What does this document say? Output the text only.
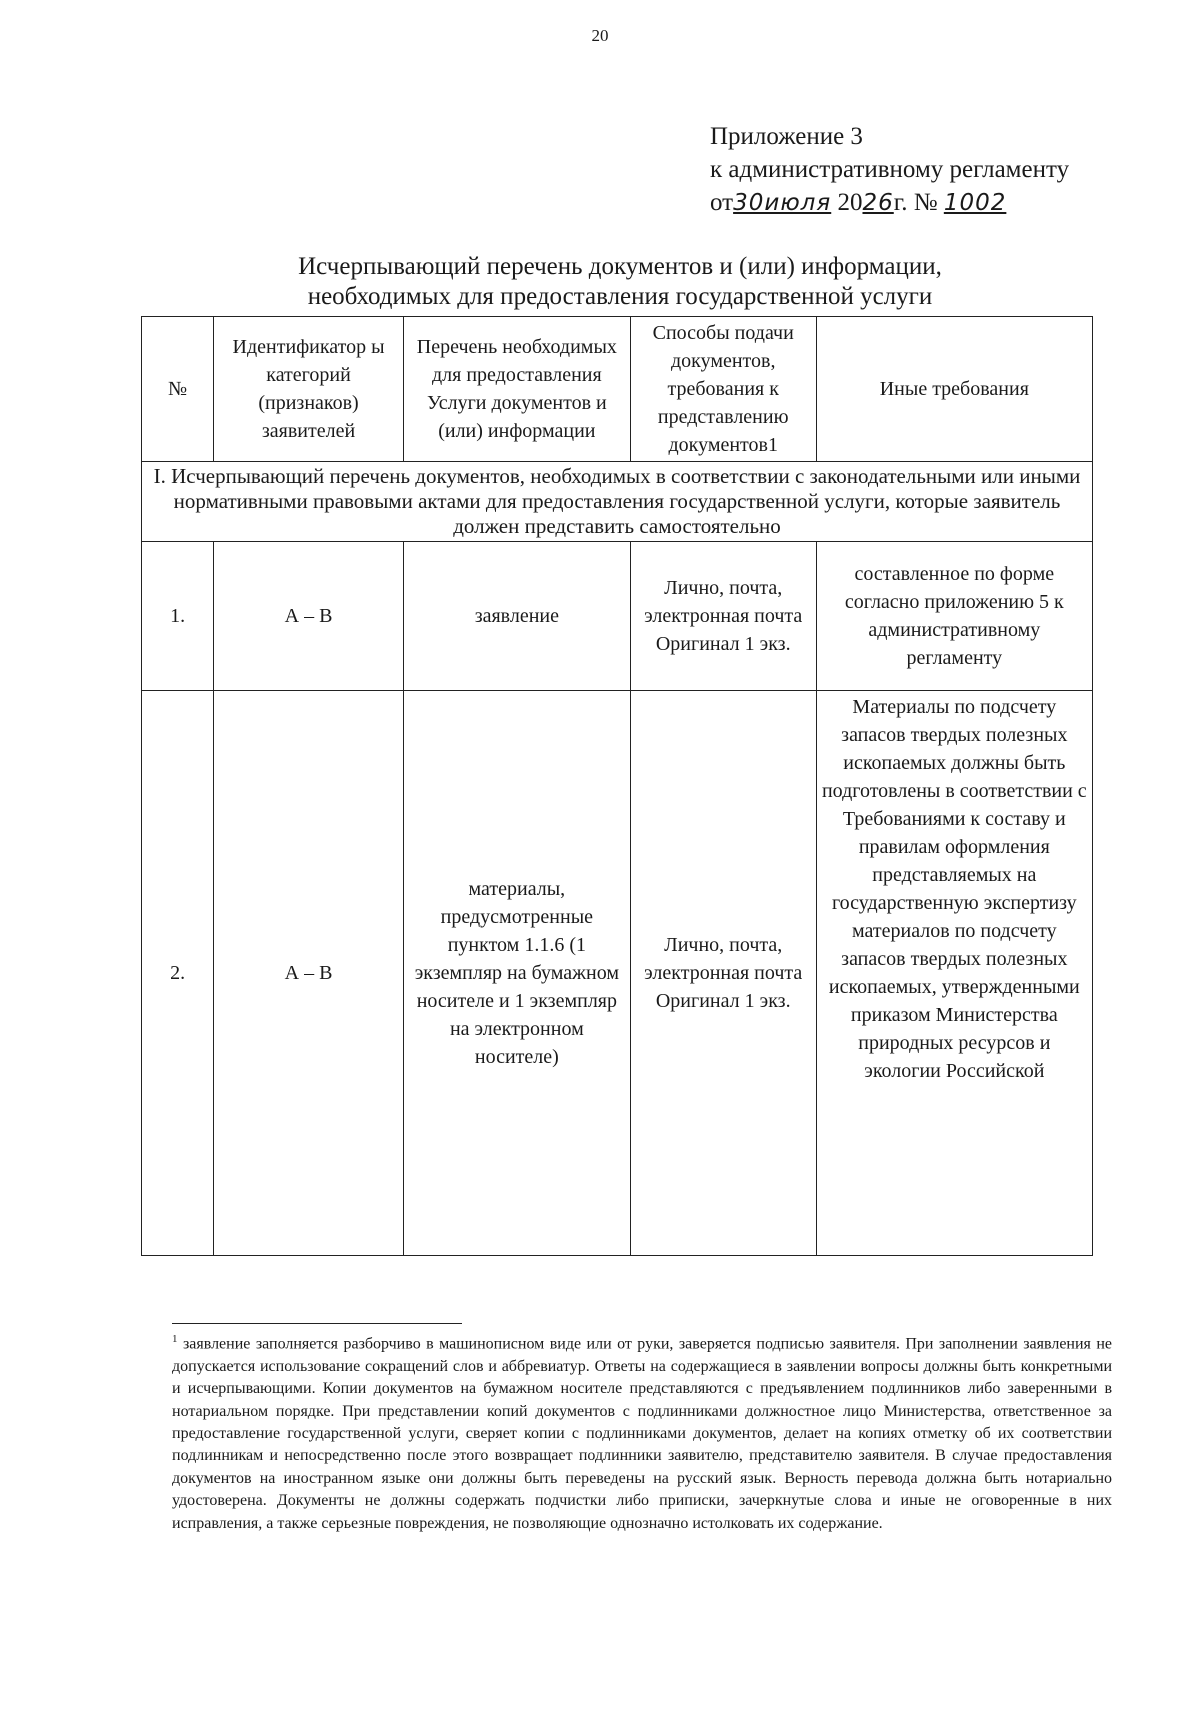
20
Приложение 3
к административному регламенту
от30июля 2026г. № 1002
Исчерпывающий перечень документов и (или) информации,
необходимых для предоставления государственной услуги
№	Идентификатор ы категорий (признаков) заявителей	Перечень необходимых для предоставления Услуги документов и (или) информации	Способы подачи документов, требования к представлению документов1	Иные требования
I. Исчерпывающий перечень документов, необходимых в соответствии с законодательными или иными нормативными правовыми актами для предоставления государственной услуги, которые заявитель должен представить самостоятельно				
1.	А – В	заявление	Лично, почта, электронная почта Оригинал 1 экз.	составленное по форме согласно приложению 5 к административному регламенту
2.	А – В	материалы, предусмотренные пунктом 1.1.6 (1 экземпляр на бумажном носителе и 1 экземпляр на электронном носителе)	Лично, почта, электронная почта Оригинал 1 экз.	Материалы по подсчету запасов твердых полезных ископаемых должны быть подготовлены в соответствии с Требованиями к составу и правилам оформления представляемых на государственную экспертизу материалов по подсчету запасов твердых полезных ископаемых, утвержденными приказом Министерства природных ресурсов и экологии Российской
$^1$ заявление заполняется разборчиво в машинописном виде или от руки, заверяется подписью заявителя. При заполнении заявления не допускается использование сокращений слов и аббревиатур. Ответы на содержащиеся в заявлении вопросы должны быть конкретными и исчерпывающими. Копии документов на бумажном носителе представляются с предъявлением подлинников либо заверенными в нотариальном порядке. При представлении копий документов с подлинниками должностное лицо Министерства, ответственное за предоставление государственной услуги, сверяет копии с подлинниками документов, делает на копиях отметку об их соответствии подлинникам и непосредственно после этого возвращает подлинники заявителю, представителю заявителя. В случае предоставления документов на иностранном языке они должны быть переведены на русский язык. Верность перевода должна быть нотариально удостоверена. Документы не должны содержать подчистки либо приписки, зачеркнутые слова и иные не оговоренные в них исправления, а также серьезные повреждения, не позволяющие однозначно истолковать их содержание.
